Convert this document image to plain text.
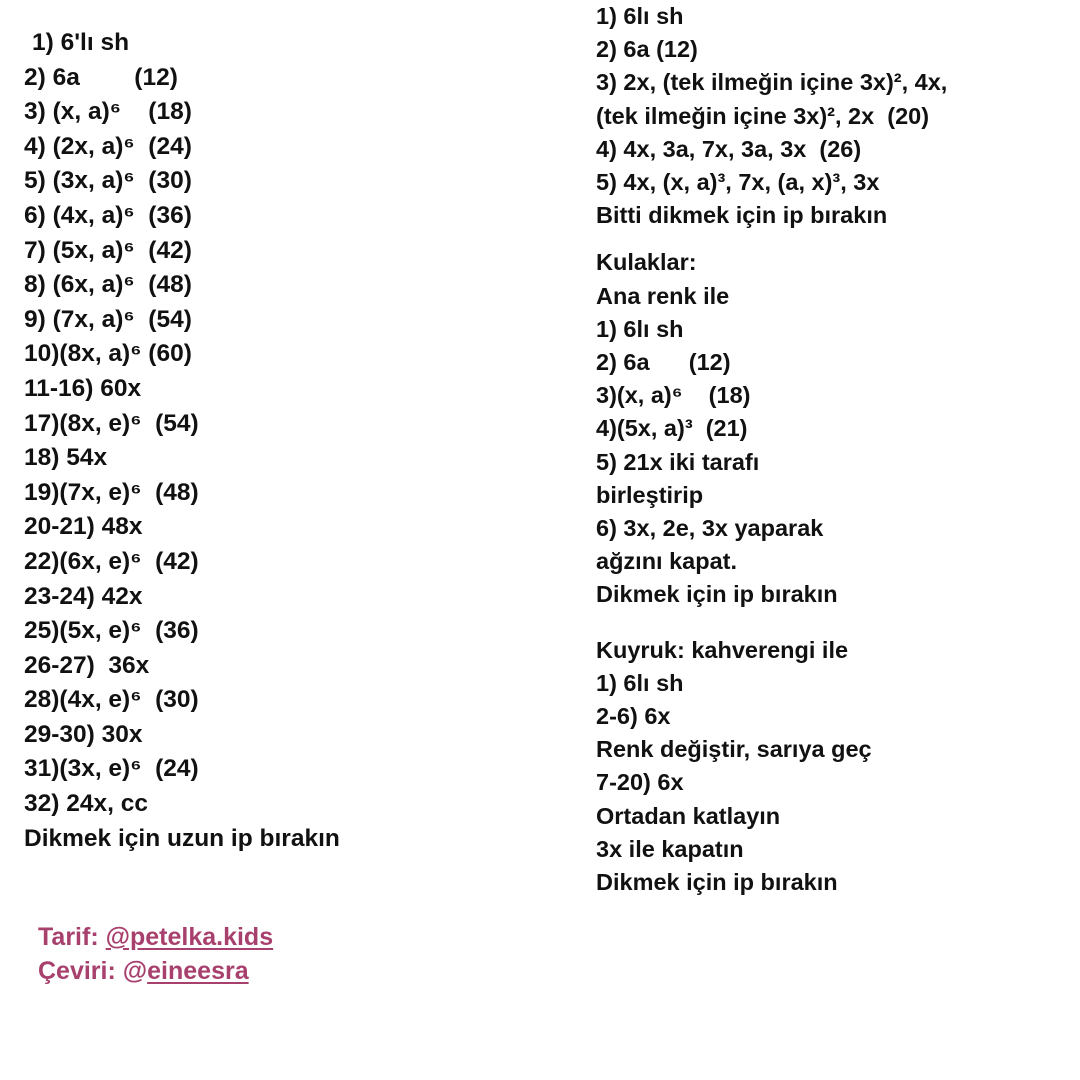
1) 6'lı sh
2) 6a        (12)
3) (x, a)⁶    (18)
4) (2x, a)⁶  (24)
5) (3x, a)⁶  (30)
6) (4x, a)⁶  (36)
7) (5x, a)⁶  (42)
8) (6x, a)⁶  (48)
9) (7x, a)⁶  (54)
10)(8x, a)⁶ (60)
11-16) 60x
17)(8x, e)⁶  (54)
18) 54x
19)(7x, e)⁶  (48)
20-21) 48x
22)(6x, e)⁶  (42)
23-24) 42x
25)(5x, e)⁶  (36)
26-27)  36x
28)(4x, e)⁶  (30)
29-30) 30x
31)(3x, e)⁶  (24)
32) 24x, cc
Dikmek için uzun ip bırakın
1) 6lı sh
2) 6a (12)
3) 2x, (tek ilmeğin içine 3x)², 4x,
(tek ilmeğin içine 3x)², 2x  (20)
4) 4x, 3a, 7x, 3a, 3x  (26)
5) 4x, (x, a)³, 7x, (a, x)³, 3x
Bitti dikmek için ip bırakın
Kulaklar:
Ana renk ile
1) 6lı sh
2) 6a      (12)
3)(x, a)⁶    (18)
4)(5x, a)³  (21)
5) 21x iki tarafı
birleştirip
6) 3x, 2e, 3x yaparak
ağzını kapat.
Dikmek için ip bırakın
Kuyruk: kahverengi ile
1) 6lı sh
2-6) 6x
Renk değiştir, sarıya geç
7-20) 6x
Ortadan katlayın
3x ile kapatın
Dikmek için ip bırakın
Tarif: @petelka.kids
Çeviri: @eineesra
